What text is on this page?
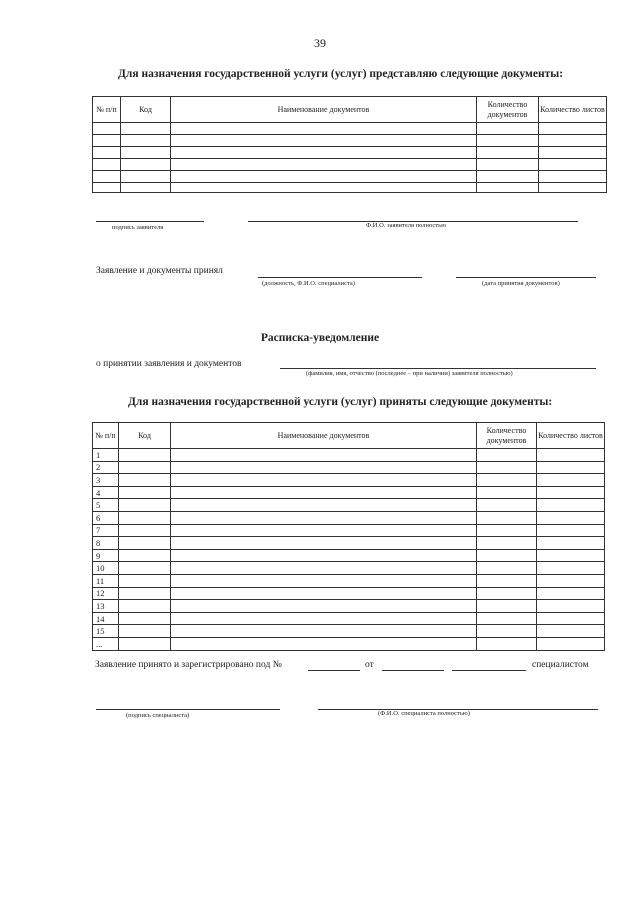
39
Для назначения государственной услуги (услуг) представляю следующие документы:
№ п/п	Код	Наименование документов	Количество документов	Количество листов

подпись заявителя	Ф.И.О. заявителя полностью
Заявление и документы принял
(должность, Ф.И.О. специалиста)	(дата принятия документов)
Расписка-уведомление
о принятии заявления и документов
(фамилия, имя, отчество (последнее – при наличии) заявителя полностью)
Для назначения государственной услуги (услуг) приняты следующие документы:
№ п/п	Код	Наименование документов	Количество документов	Количество листов
1				
2				
3				
4				
5				
6				
7				
8				
9				
10				
11				
12				
13				
14				
15				
...				
Заявление принято и зарегистрировано под №	от	специалистом
(подпись специалиста)	(Ф.И.О. специалиста полностью)
